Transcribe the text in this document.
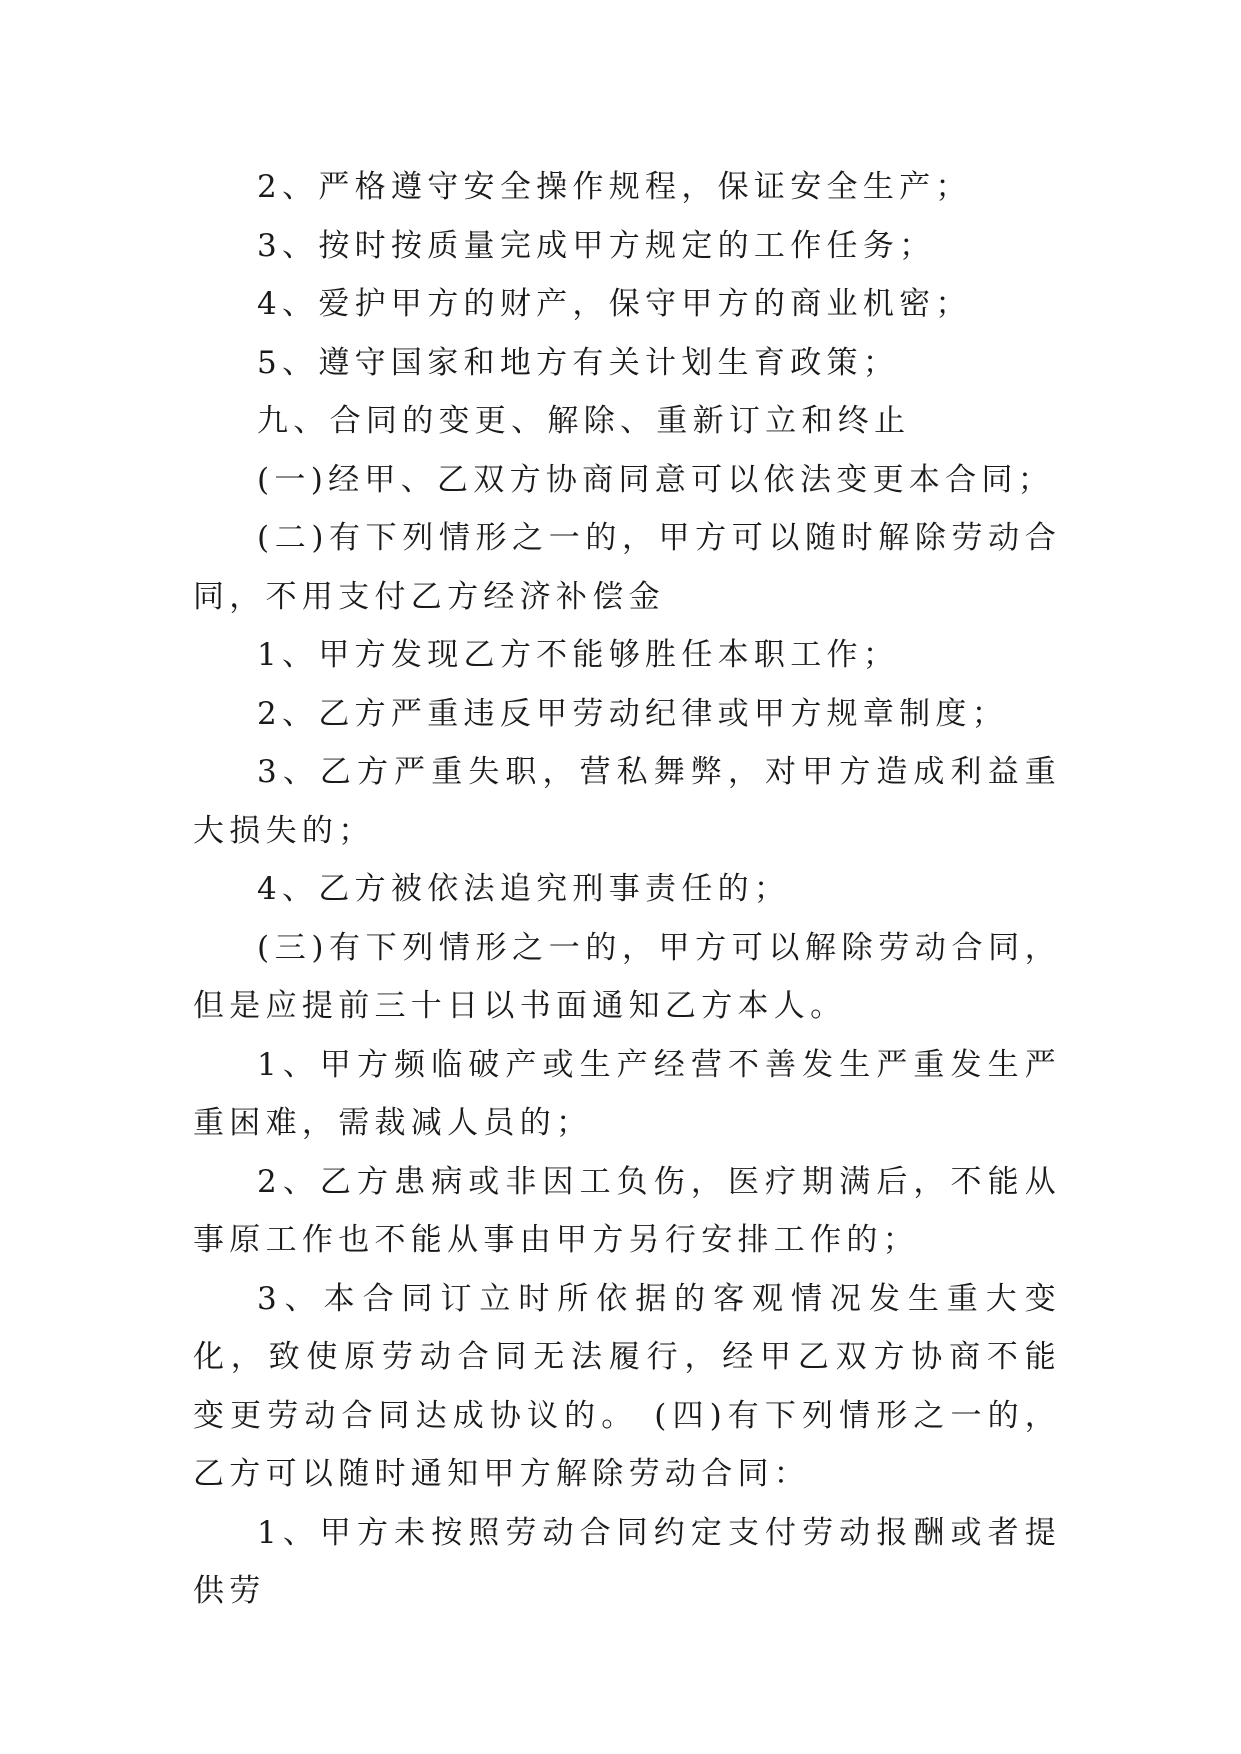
2、严格遵守安全操作规程，保证安全生产；

3、按时按质量完成甲方规定的工作任务；

4、爱护甲方的财产，保守甲方的商业机密；

5、遵守国家和地方有关计划生育政策；

九、合同的变更、解除、重新订立和终止

(一)经甲、乙双方协商同意可以依法变更本合同；

(二)有下列情形之一的，甲方可以随时解除劳动合同，不用支付乙方经济补偿金

1、甲方发现乙方不能够胜任本职工作；

2、乙方严重违反甲劳动纪律或甲方规章制度；

3、乙方严重失职，营私舞弊，对甲方造成利益重大损失的；

4、乙方被依法追究刑事责任的；

(三)有下列情形之一的，甲方可以解除劳动合同，但是应提前三十日以书面通知乙方本人。

1、甲方频临破产或生产经营不善发生严重发生严重困难，需裁减人员的；

2、乙方患病或非因工负伤，医疗期满后，不能从事原工作也不能从事由甲方另行安排工作的；

3、本合同订立时所依据的客观情况发生重大变化，致使原劳动合同无法履行，经甲乙双方协商不能变更劳动合同达成协议的。 (四)有下列情形之一的，乙方可以随时通知甲方解除劳动合同：

1、甲方未按照劳动合同约定支付劳动报酬或者提供劳
